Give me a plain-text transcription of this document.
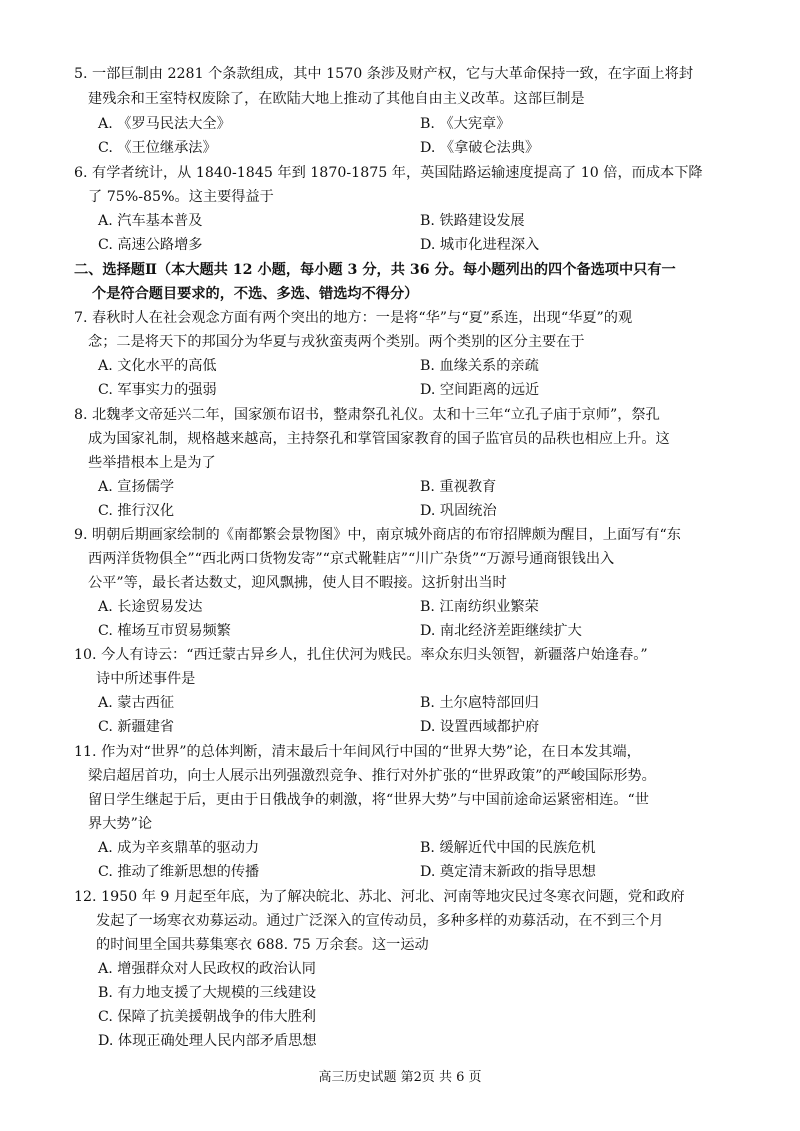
5. 一部巨制由 2281 个条款组成，其中 1570 条涉及财产权，它与大革命保持一致，在字面上将封
建残余和王室特权废除了，在欧陆大地上推动了其他自由主义改革。这部巨制是
A. 《罗马民法大全》	B. 《大宪章》
C. 《王位继承法》	D. 《拿破仑法典》
6. 有学者统计，从 1840-1845 年到 1870-1875 年，英国陆路运输速度提高了 10 倍，而成本下降
了 75%-85%。这主要得益于
A. 汽车基本普及	B. 铁路建设发展
C. 高速公路增多	D. 城市化进程深入
二、选择题Ⅱ（本大题共 12 小题，每小题 3 分，共 36 分。每小题列出的四个备选项中只有一
个是符合题目要求的，不选、多选、错选均不得分）
7. 春秋时人在社会观念方面有两个突出的地方：一是将“华”与“夏”系连，出现“华夏”的观
念；二是将天下的邦国分为华夏与戎狄蛮夷两个类别。两个类别的区分主要在于
A. 文化水平的高低	B. 血缘关系的亲疏
C. 军事实力的强弱	D. 空间距离的远近
8. 北魏孝文帝延兴二年，国家颁布诏书，整肃祭孔礼仪。太和十三年“立孔子庙于京师”，祭孔
成为国家礼制，规格越来越高，主持祭孔和掌管国家教育的国子监官员的品秩也相应上升。这
些举措根本上是为了
A. 宣扬儒学	B. 重视教育
C. 推行汉化	D. 巩固统治
9. 明朝后期画家绘制的《南都繁会景物图》中，南京城外商店的布帘招牌颇为醒目，上面写有“东
西两洋货物俱全”“西北两口货物发寄”“京式靴鞋店”“川广杂货”“万源号通商银钱出入
公平”等，最长者达数丈，迎风飘拂，使人目不暇接。这折射出当时
A. 长途贸易发达	B. 江南纺织业繁荣
C. 榷场互市贸易频繁	D. 南北经济差距继续扩大
10. 今人有诗云：“西迁蒙古异乡人，扎住伏河为贱民。率众东归头领智，新疆落户始逢春。”
诗中所述事件是
A. 蒙古西征	B. 土尔扈特部回归
C. 新疆建省	D. 设置西域都护府
11. 作为对“世界”的总体判断，清末最后十年间风行中国的“世界大势”论，在日本发其端，
梁启超居首功，向士人展示出列强激烈竞争、推行对外扩张的“世界政策”的严峻国际形势。
留日学生继起于后，更由于日俄战争的刺激，将“世界大势”与中国前途命运紧密相连。“世
界大势”论
A. 成为辛亥鼎革的驱动力	B. 缓解近代中国的民族危机
C. 推动了维新思想的传播	D. 奠定清末新政的指导思想
12. 1950 年 9 月起至年底，为了解决皖北、苏北、河北、河南等地灾民过冬寒衣问题，党和政府
发起了一场寒衣劝募运动。通过广泛深入的宣传动员，多种多样的劝募活动，在不到三个月
的时间里全国共募集寒衣 688. 75 万余套。这一运动
A. 增强群众对人民政权的政治认同
B. 有力地支援了大规模的三线建设
C. 保障了抗美援朝战争的伟大胜利
D. 体现正确处理人民内部矛盾思想
高三历史试题 第2页 共 6 页
